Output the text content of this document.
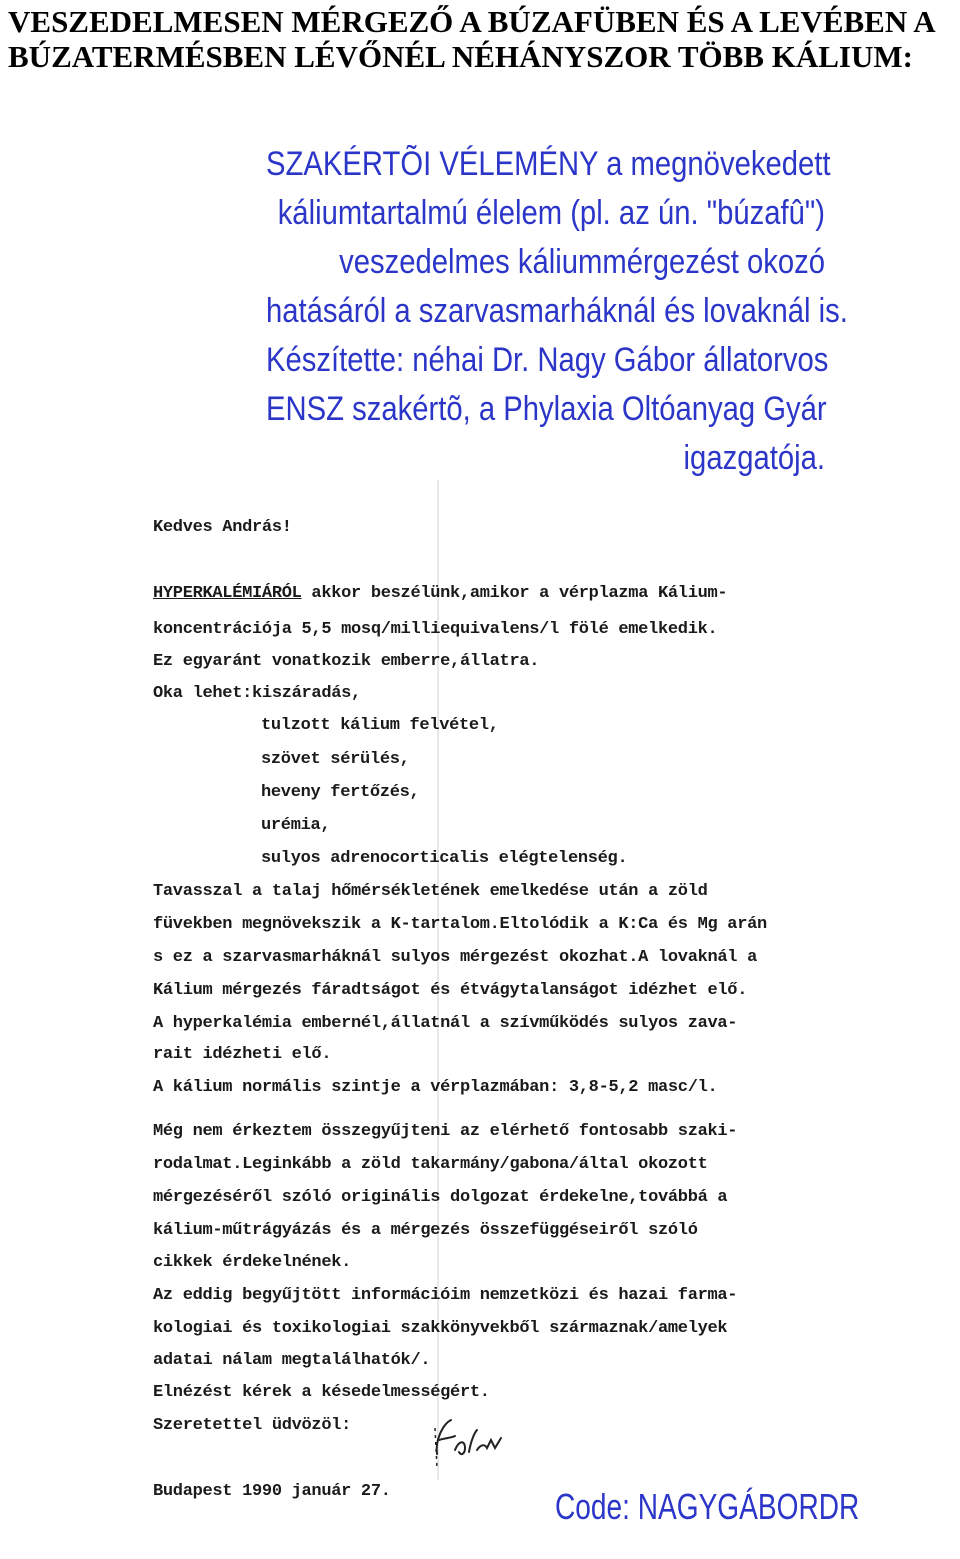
VESZEDELMESEN MÉRGEZŐ A BÚZAFÜBEN ÉS A LEVÉBEN A
BÚZATERMÉSBEN LÉVŐNÉL NÉHÁNYSZOR TÖBB KÁLIUM:
SZAKÉRTÕI VÉLEMÉNY a megnövekedett
káliumtartalmú élelem (pl. az ún. "búzafû")
veszedelmes káliummérgezést okozó
hatásáról a szarvasmarháknál és lovaknál is.
Készítette: néhai Dr. Nagy Gábor állatorvos
ENSZ szakértõ, a Phylaxia Oltóanyag Gyár
igazgatója.
Kedves András!
HYPERKALÉMIÁRÓL akkor beszélünk,amikor a vérplazma Kálium-
koncentrációja 5,5 mosq/milliequivalens/l fölé emelkedik.
Ez egyaránt vonatkozik emberre,állatra.
Oka lehet:kiszáradás,
tulzott kálium felvétel,
szövet sérülés,
heveny fertőzés,
urémia,
sulyos adrenocorticalis elégtelenség.
Tavasszal a talaj hőmérsékletének emelkedése után a zöld
füvekben megnövekszik a K-tartalom.Eltolódik a K:Ca és Mg arán
s ez a szarvasmarháknál sulyos mérgezést okozhat.A lovaknál a
Kálium mérgezés fáradtságot és étvágytalanságot idézhet elő.
A hyperkalémia embernél,állatnál a szívműködés sulyos zava-
rait idézheti elő.
A kálium normális szintje a vérplazmában: 3,8-5,2 masc/l.
Még nem érkeztem összegyűjteni az elérhető fontosabb szaki-
rodalmat.Leginkább a zöld takarmány/gabona/által okozott
mérgezéséről szóló originális dolgozat érdekelne,továbbá a
kálium-műtrágyázás és a mérgezés összefüggéseiről szóló
cikkek érdekelnének.
Az eddig begyűjtött információim nemzetközi és hazai farma-
kologiai és toxikologiai szakkönyvekből származnak/amelyek
adatai nálam megtalálhatók/.
Elnézést kérek a késedelmességért.
Szeretettel üdvözöl:
Budapest 1990 január 27.	Code: NAGYGÁBORDR
